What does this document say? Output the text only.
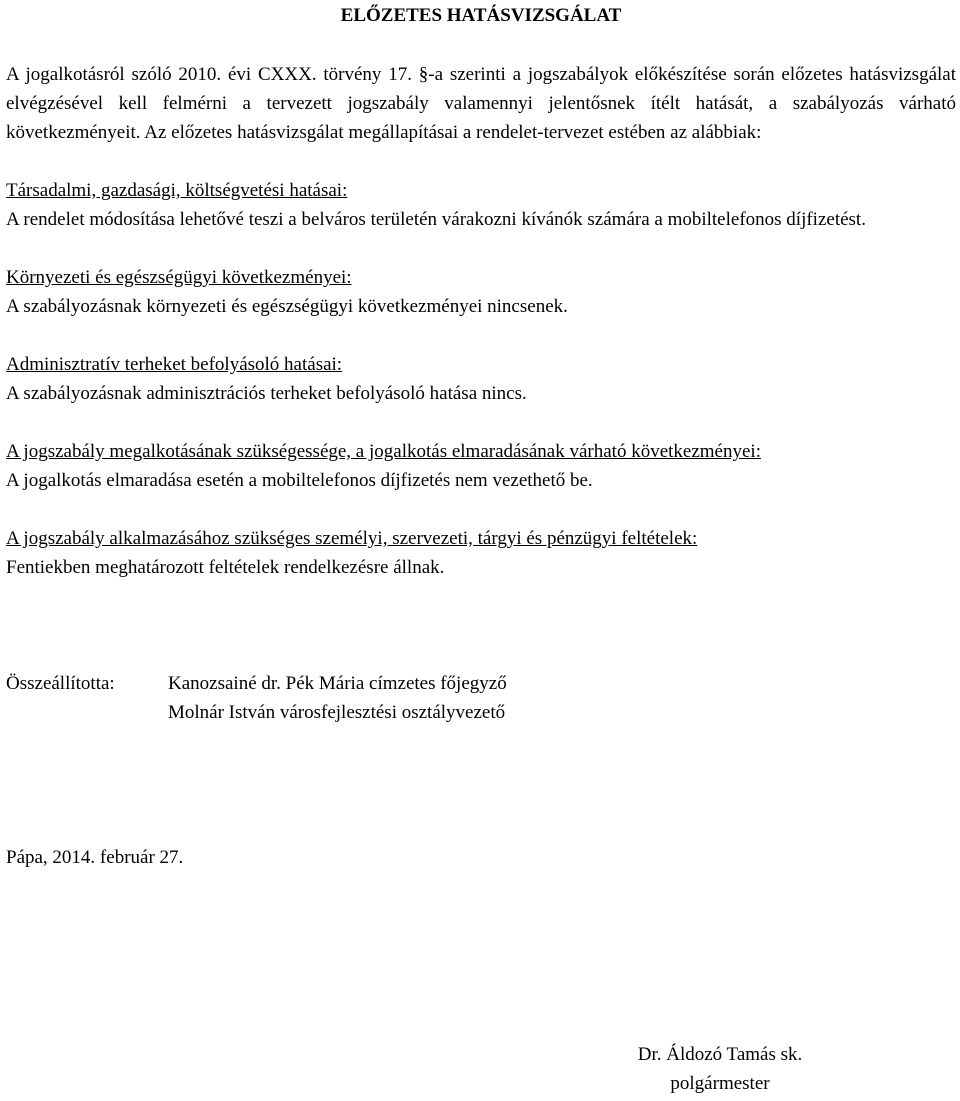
ELŐZETES HATÁSVIZSGÁLAT

A jogalkotásról szóló 2010. évi CXXX. törvény 17. §-a szerinti a jogszabályok előkészítése során előzetes hatásvizsgálat elvégzésével kell felmérni a tervezett jogszabály valamennyi jelentősnek ítélt hatását, a szabályozás várható következményeit. Az előzetes hatásvizsgálat megállapításai a rendelet-tervezet estében az alábbiak:

Társadalmi, gazdasági, költségvetési hatásai:

A rendelet módosítása lehetővé teszi a belváros területén várakozni kívánók számára a mobiltelefonos díjfizetést.

Környezeti és egészségügyi következményei:

A szabályozásnak környezeti és egészségügyi következményei nincsenek.

Adminisztratív terheket befolyásoló hatásai:

A szabályozásnak adminisztrációs terheket befolyásoló hatása nincs.

A jogszabály megalkotásának szükségessége, a jogalkotás elmaradásának várható következményei:

A jogalkotás elmaradása esetén a mobiltelefonos díjfizetés nem vezethető be.

A jogszabály alkalmazásához szükséges személyi, szervezeti, tárgyi és pénzügyi feltételek:

Fentiekben meghatározott feltételek rendelkezésre állnak.

Összeállította:	Kanozsainé dr. Pék Mária címzetes főjegyző
Molnár István városfejlesztési osztályvezető
Pápa, 2014. február 27.
Dr. Áldozó Tamás sk.
polgármester
